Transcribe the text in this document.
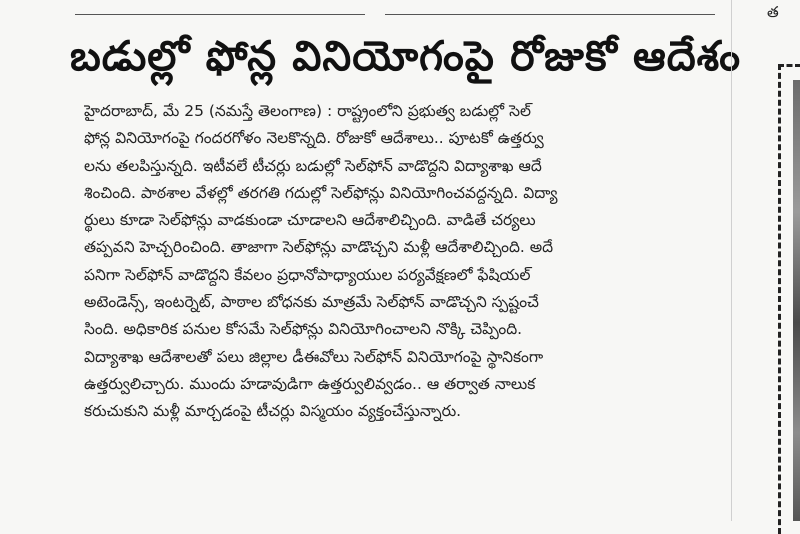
బడుల్లో ఫోన్ల వినియోగంపై రోజుకో ఆదేశం
హైదరాబాద్, మే 25 (నమస్తే తెలంగాణ) : రాష్ట్రంలోని ప్రభుత్వ బడుల్లో సెల్
ఫోన్ల వినియోగంపై గందరగోళం నెలకొన్నది. రోజుకో ఆదేశాలు.. పూటకో ఉత్తర్వు
లను తలపిస్తున్నది. ఇటీవలే టీచర్లు బడుల్లో సెల్‌ఫోన్ వాడొద్దని విద్యాశాఖ ఆదే
శించింది. పాఠశాల వేళల్లో తరగతి గదుల్లో సెల్‌ఫోన్లు వినియోగించవద్దన్నది. విద్యా
ర్థులు కూడా సెల్‌ఫోన్లు వాడకుండా చూడాలని ఆదేశాలిచ్చింది. వాడితే చర్యలు
తప్పవని హెచ్చరించింది. తాజాగా సెల్‌ఫోన్లు వాడొచ్చని మళ్లీ ఆదేశాలిచ్చింది. అదే
పనిగా సెల్‌ఫోన్ వాడొద్దని కేవలం ప్రధానోపాధ్యాయుల పర్యవేక్షణలో ఫేషియల్
అటెండెన్స్, ఇంటర్నెట్, పాఠాల బోధనకు మాత్రమే సెల్‌ఫోన్ వాడొచ్చని స్పష్టంచే
సింది. అధికారిక పనుల కోసమే సెల్‌ఫోన్లు వినియోగించాలని నొక్కి చెప్పింది.
విద్యాశాఖ ఆదేశాలతో పలు జిల్లాల డీఈవోలు సెల్‌ఫోన్ వినియోగంపై స్థానికంగా
ఉత్తర్వులిచ్చారు. ముందు హడావుడిగా ఉత్తర్వులివ్వడం.. ఆ తర్వాత నాలుక
కరుచుకుని మళ్లీ మార్చడంపై టీచర్లు విస్మయం వ్యక్తంచేస్తున్నారు.
త
